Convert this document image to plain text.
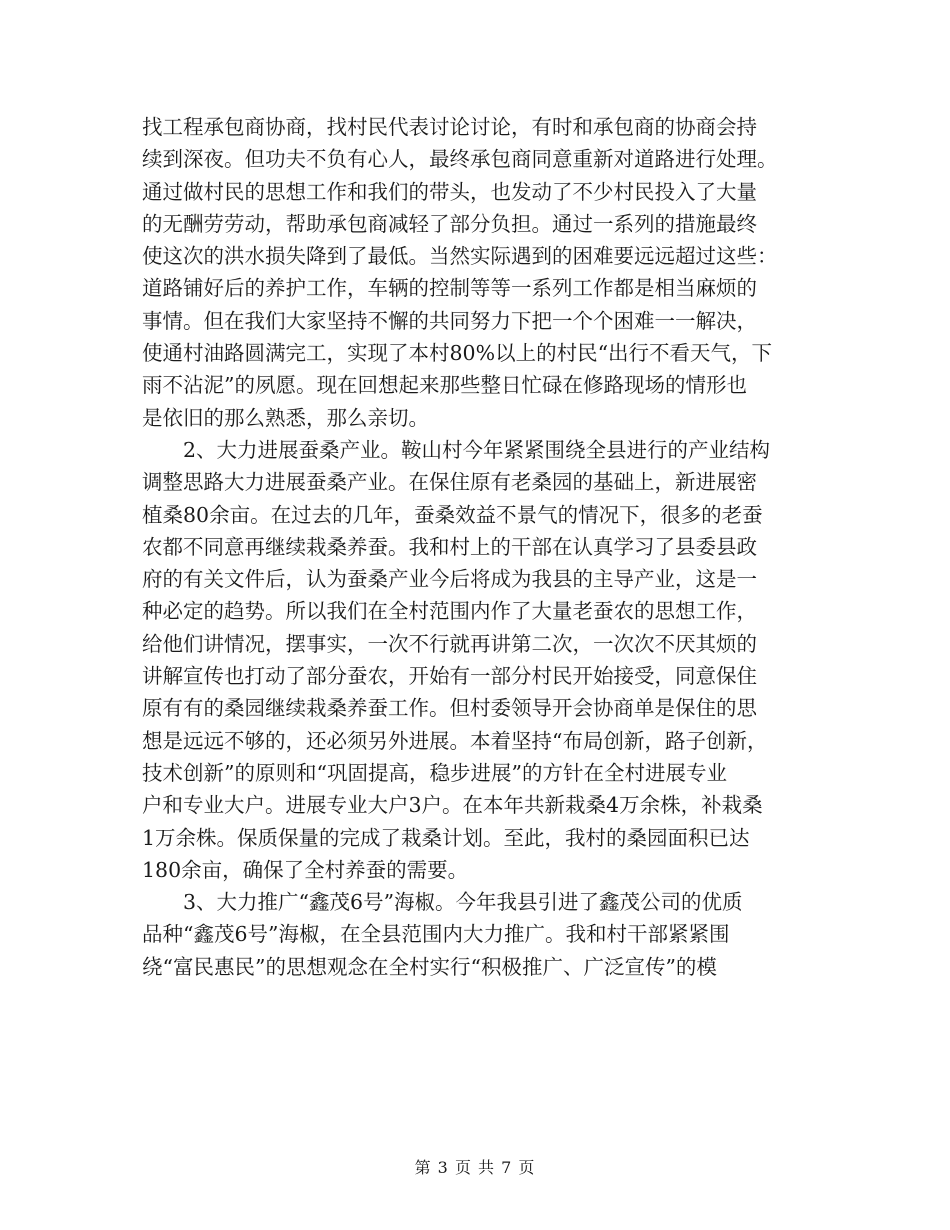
找工程承包商协商，找村民代表讨论讨论，有时和承包商的协商会持
续到深夜。但功夫不负有心人，最终承包商同意重新对道路进行处理。
通过做村民的思想工作和我们的带头，也发动了不少村民投入了大量
的无酬劳劳动，帮助承包商减轻了部分负担。通过一系列的措施最终
使这次的洪水损失降到了最低。当然实际遇到的困难要远远超过这些：
道路铺好后的养护工作，车辆的控制等等一系列工作都是相当麻烦的
事情。但在我们大家坚持不懈的共同努力下把一个个困难一一解决，
使通村油路圆满完工，实现了本村80%以上的村民“出行不看天气，下
雨不沾泥”的夙愿。现在回想起来那些整日忙碌在修路现场的情形也
是依旧的那么熟悉，那么亲切。
2、大力进展蚕桑产业。鞍山村今年紧紧围绕全县进行的产业结构
调整思路大力进展蚕桑产业。在保住原有老桑园的基础上，新进展密
植桑80余亩。在过去的几年，蚕桑效益不景气的情况下，很多的老蚕
农都不同意再继续栽桑养蚕。我和村上的干部在认真学习了县委县政
府的有关文件后，认为蚕桑产业今后将成为我县的主导产业，这是一
种必定的趋势。所以我们在全村范围内作了大量老蚕农的思想工作，
给他们讲情况，摆事实，一次不行就再讲第二次，一次次不厌其烦的
讲解宣传也打动了部分蚕农，开始有一部分村民开始接受，同意保住
原有有的桑园继续栽桑养蚕工作。但村委领导开会协商单是保住的思
想是远远不够的，还必须另外进展。本着坚持“布局创新，路子创新，
技术创新”的原则和“巩固提高，稳步进展”的方针在全村进展专业
户和专业大户。进展专业大户3户。在本年共新栽桑4万余株，补栽桑
1万余株。保质保量的完成了栽桑计划。至此，我村的桑园面积已达
180余亩，确保了全村养蚕的需要。
3、大力推广“鑫茂6号”海椒。今年我县引进了鑫茂公司的优质
品种“鑫茂6号”海椒，在全县范围内大力推广。我和村干部紧紧围
绕“富民惠民”的思想观念在全村实行“积极推广、广泛宣传”的模
第 3 页 共 7 页
